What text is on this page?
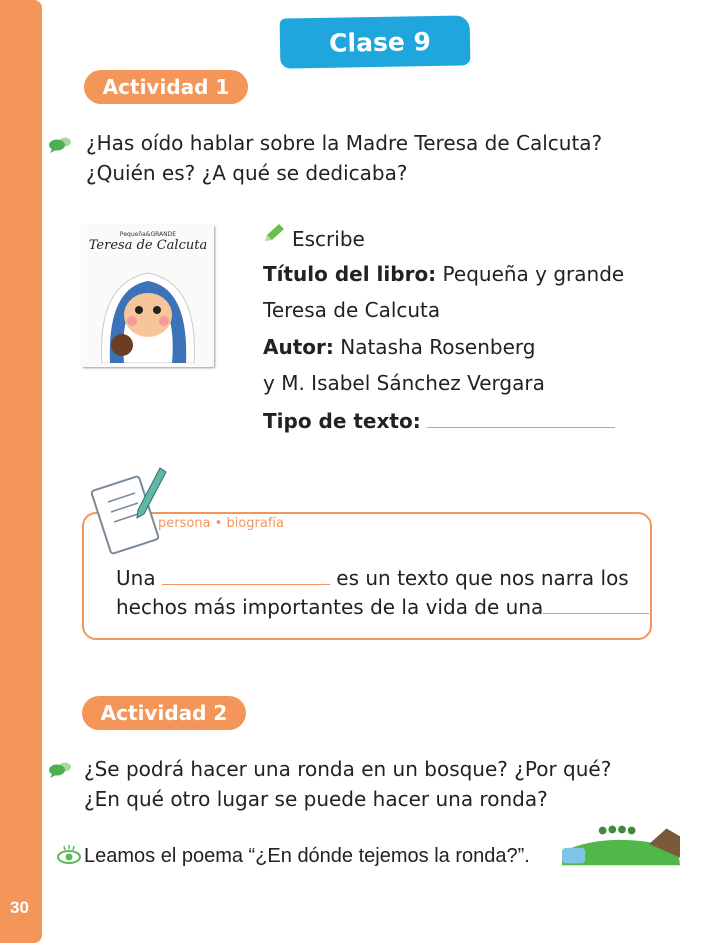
30
Clase 9
Actividad 1
¿Has oído hablar sobre la Madre Teresa de Calcuta?
¿Quién es? ¿A qué se dedicaba?
Pequeña&GRANDE
Teresa de Calcuta	Escribe
Título del libro: Pequeña y grande
Teresa de Calcuta
Autor: Natasha Rosenberg
y M. Isabel Sánchez Vergara
Tipo de texto:
persona • biografía
Una	es un texto que nos narra los
hechos más importantes de la vida de una
Actividad 2
¿Se podrá hacer una ronda en un bosque? ¿Por qué?
¿En qué otro lugar se puede hacer una ronda?
Leamos el poema “¿En dónde tejemos la ronda?”.
